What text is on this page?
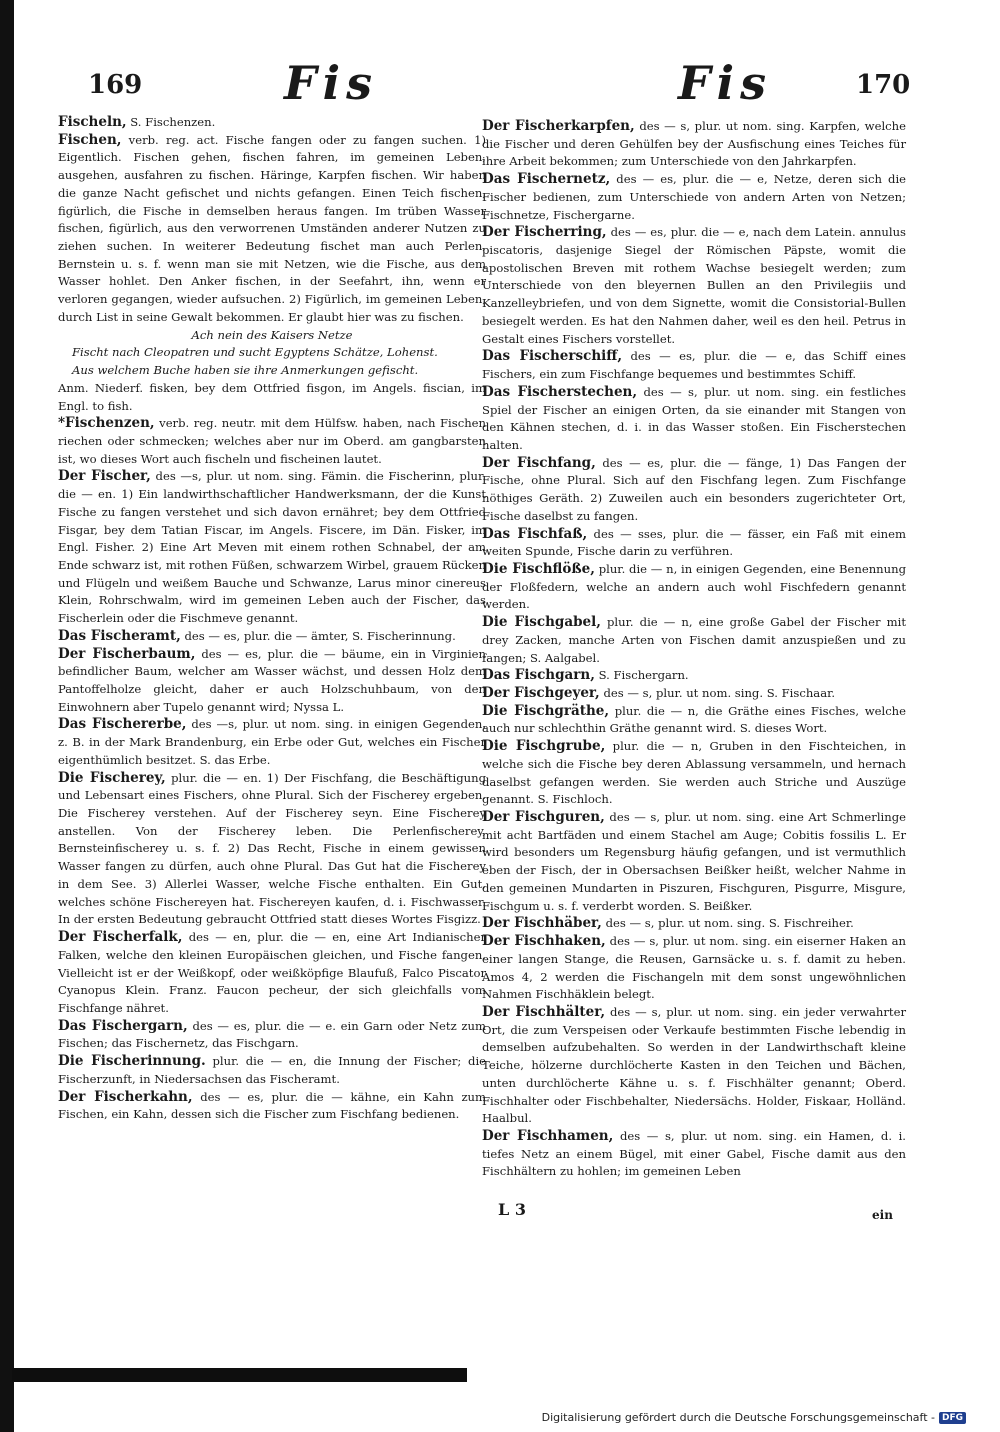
169	Fis	Fis	170

Fischeln, S. Fischenzen.

Fischen, verb. reg. act. Fische fangen oder zu fangen suchen. 1) Eigentlich. Fischen gehen, fischen fahren, im gemeinen Leben, ausgehen, ausfahren zu fischen. Häringe, Karpfen fischen. Wir haben die ganze Nacht gefischet und nichts gefangen. Einen Teich fischen, figürlich, die Fische in demselben heraus fangen. Im trüben Wasser fischen, figürlich, aus den verworrenen Umständen anderer Nutzen zu ziehen suchen. In weiterer Bedeutung fischet man auch Perlen, Bernstein u. s. f. wenn man sie mit Netzen, wie die Fische, aus dem Wasser hohlet. Den Anker fischen, in der Seefahrt, ihn, wenn er verloren gegangen, wieder aufsuchen. 2) Figürlich, im gemeinen Leben, durch List in seine Gewalt bekommen. Er glaubt hier was zu fischen.

Ach nein des Kaisers Netze

Fischt nach Cleopatren und sucht Egyptens Schätze, Lohenst.

Aus welchem Buche haben sie ihre Anmerkungen gefischt.

Anm. Niederf. fisken, bey dem Ottfried fisgon, im Angels. fiscian, im Engl. to fish.

*Fischenzen, verb. reg. neutr. mit dem Hülfsw. haben, nach Fischen riechen oder schmecken; welches aber nur im Oberd. am gangbarsten ist, wo dieses Wort auch fischeln und fischeinen lautet.

Der Fischer, des —s, plur. ut nom. sing. Fämin. die Fischerinn, plur. die — en. 1) Ein landwirthschaftlicher Handwerksmann, der die Kunst Fische zu fangen verstehet und sich davon ernähret; bey dem Ottfried Fisgar, bey dem Tatian Fiscar, im Angels. Fiscere, im Dän. Fisker, im Engl. Fisher. 2) Eine Art Meven mit einem rothen Schnabel, der am Ende schwarz ist, mit rothen Füßen, schwarzem Wirbel, grauem Rücken und Flügeln und weißem Bauche und Schwanze, Larus minor cinereus Klein, Rohrschwalm, wird im gemeinen Leben auch der Fischer, das Fischerlein oder die Fischmeve genannt.

Das Fischeramt, des — es, plur. die — ämter, S. Fischerinnung.

Der Fischerbaum, des — es, plur. die — bäume, ein in Virginien befindlicher Baum, welcher am Wasser wächst, und dessen Holz dem Pantoffelholze gleicht, daher er auch Holzschuhbaum, von den Einwohnern aber Tupelo genannt wird; Nyssa L.

Das Fischererbe, des —s, plur. ut nom. sing. in einigen Gegenden, z. B. in der Mark Brandenburg, ein Erbe oder Gut, welches ein Fischer eigenthümlich besitzet. S. das Erbe.

Die Fischerey, plur. die — en. 1) Der Fischfang, die Beschäftigung und Lebensart eines Fischers, ohne Plural. Sich der Fischerey ergeben. Die Fischerey verstehen. Auf der Fischerey seyn. Eine Fischerey anstellen. Von der Fischerey leben. Die Perlenfischerey, Bernsteinfischerey u. s. f. 2) Das Recht, Fische in einem gewissen Wasser fangen zu dürfen, auch ohne Plural. Das Gut hat die Fischerey in dem See. 3) Allerlei Wasser, welche Fische enthalten. Ein Gut, welches schöne Fischereyen hat. Fischereyen kaufen, d. i. Fischwasser. In der ersten Bedeutung gebraucht Ottfried statt dieses Wortes Fisgizz.

Der Fischerfalk, des — en, plur. die — en, eine Art Indianischer Falken, welche den kleinen Europäischen gleichen, und Fische fangen. Vielleicht ist er der Weißkopf, oder weißköpfige Blaufuß, Falco Piscator Cyanopus Klein. Franz. Faucon pecheur, der sich gleichfalls vom Fischfange nähret.

Das Fischergarn, des — es, plur. die — e. ein Garn oder Netz zum Fischen; das Fischernetz, das Fischgarn.

Die Fischerinnung. plur. die — en, die Innung der Fischer; die Fischerzunft, in Niedersachsen das Fischeramt.

Der Fischerkahn, des — es, plur. die — kähne, ein Kahn zum Fischen, ein Kahn, dessen sich die Fischer zum Fischfang bedienen.

Der Fischerkarpfen, des — s, plur. ut nom. sing. Karpfen, welche die Fischer und deren Gehülfen bey der Ausfischung eines Teiches für ihre Arbeit bekommen; zum Unterschiede von den Jahrkarpfen.

Das Fischernetz, des — es, plur. die — e, Netze, deren sich die Fischer bedienen, zum Unterschiede von andern Arten von Netzen; Fischnetze, Fischergarne.

Der Fischerring, des — es, plur. die — e, nach dem Latein. annulus piscatoris, dasjenige Siegel der Römischen Päpste, womit die apostolischen Breven mit rothem Wachse besiegelt werden; zum Unterschiede von den bleyernen Bullen an den Privilegiis und Kanzelleybriefen, und von dem Signette, womit die Consistorial-Bullen besiegelt werden. Es hat den Nahmen daher, weil es den heil. Petrus in Gestalt eines Fischers vorstellet.

Das Fischerschiff, des — es, plur. die — e, das Schiff eines Fischers, ein zum Fischfange bequemes und bestimmtes Schiff.

Das Fischerstechen, des — s, plur. ut nom. sing. ein festliches Spiel der Fischer an einigen Orten, da sie einander mit Stangen von den Kähnen stechen, d. i. in das Wasser stoßen. Ein Fischerstechen halten.

Der Fischfang, des — es, plur. die — fänge, 1) Das Fangen der Fische, ohne Plural. Sich auf den Fischfang legen. Zum Fischfange nöthiges Geräth. 2) Zuweilen auch ein besonders zugerichteter Ort, Fische daselbst zu fangen.

Das Fischfaß, des — sses, plur. die — fässer, ein Faß mit einem weiten Spunde, Fische darin zu verführen.

Die Fischflöße, plur. die — n, in einigen Gegenden, eine Benennung der Floßfedern, welche an andern auch wohl Fischfedern genannt werden.

Die Fischgabel, plur. die — n, eine große Gabel der Fischer mit drey Zacken, manche Arten von Fischen damit anzuspießen und zu fangen; S. Aalgabel.

Das Fischgarn, S. Fischergarn.

Der Fischgeyer, des — s, plur. ut nom. sing. S. Fischaar.

Die Fischgräthe, plur. die — n, die Gräthe eines Fisches, welche auch nur schlechthin Gräthe genannt wird. S. dieses Wort.

Die Fischgrube, plur. die — n, Gruben in den Fischteichen, in welche sich die Fische bey deren Ablassung versammeln, und hernach daselbst gefangen werden. Sie werden auch Striche und Auszüge genannt. S. Fischloch.

Der Fischguren, des — s, plur. ut nom. sing. eine Art Schmerlinge mit acht Bartfäden und einem Stachel am Auge; Cobitis fossilis L. Er wird besonders um Regensburg häufig gefangen, und ist vermuthlich eben der Fisch, der in Obersachsen Beißker heißt, welcher Nahme in den gemeinen Mundarten in Piszuren, Fischguren, Pisgurre, Misgure, Fischgum u. s. f. verderbt worden. S. Beißker.

Der Fischhäber, des — s, plur. ut nom. sing. S. Fischreiher.

Der Fischhaken, des — s, plur. ut nom. sing. ein eiserner Haken an einer langen Stange, die Reusen, Garnsäcke u. s. f. damit zu heben. Amos 4, 2 werden die Fischangeln mit dem sonst ungewöhnlichen Nahmen Fischhäklein belegt.

Der Fischhälter, des — s, plur. ut nom. sing. ein jeder verwahrter Ort, die zum Verspeisen oder Verkaufe bestimmten Fische lebendig in demselben aufzubehalten. So werden in der Landwirthschaft kleine Teiche, hölzerne durchlöcherte Kasten in den Teichen und Bächen, unten durchlöcherte Kähne u. s. f. Fischhälter genannt; Oberd. Fischhalter oder Fischbehalter, Niedersächs. Holder, Fiskaar, Holländ. Haalbul.

Der Fischhamen, des — s, plur. ut nom. sing. ein Hamen, d. i. tiefes Netz an einem Bügel, mit einer Gabel, Fische damit aus den Fischhältern zu hohlen; im gemeinen Leben

L 3	ein
Digitalisierung gefördert durch die Deutsche Forschungsgemeinschaft - DFG
